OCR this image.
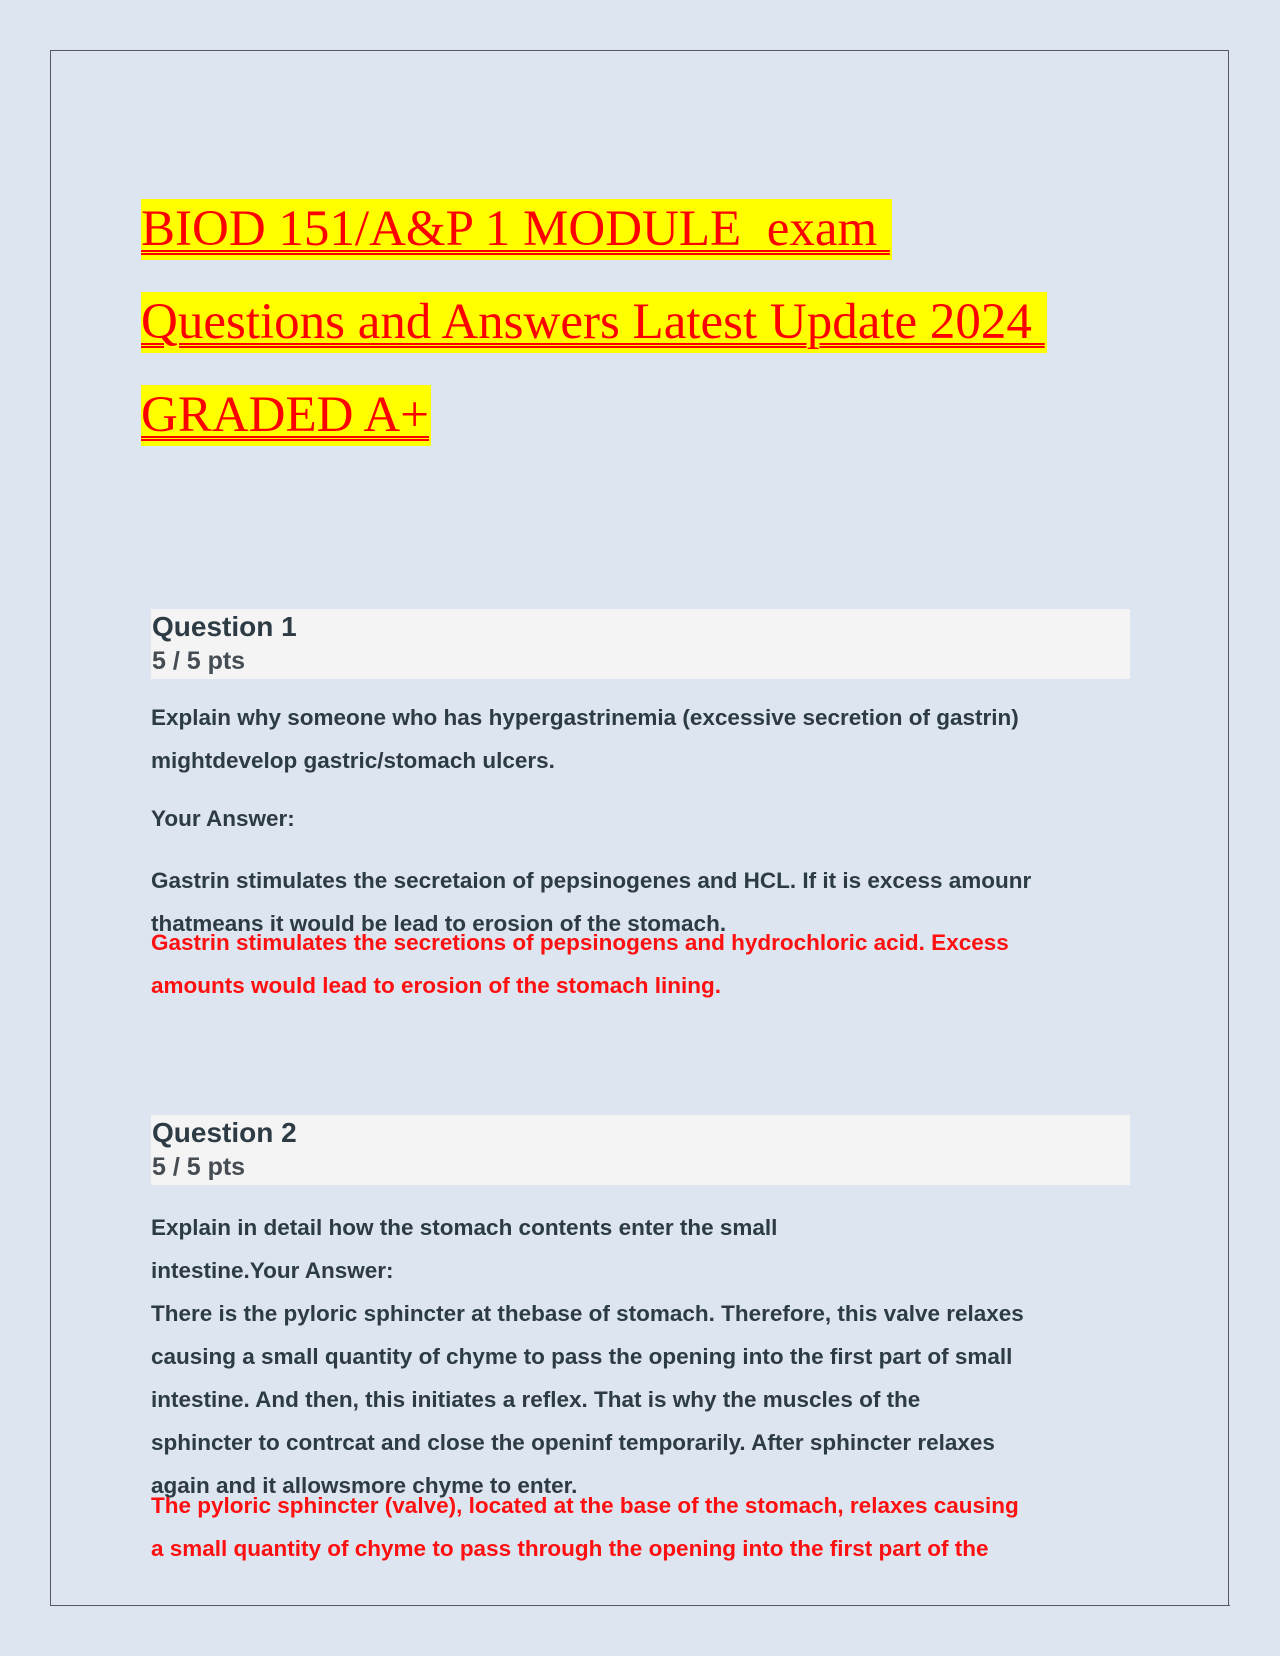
BIOD 151/A&P 1 MODULE  exam
Questions and Answers Latest Update 2024
GRADED A+
Question 1
5 / 5 pts

Explain why someone who has hypergastrinemia (excessive secretion of gastrin)

mightdevelop gastric/stomach ulcers.

Your Answer:

Gastrin stimulates the secretaion of pepsinogenes and HCL. If it is excess amounr

thatmeans it would be lead to erosion of the stomach.

Gastrin stimulates the secretions of pepsinogens and hydrochloric acid. Excess

amounts would lead to erosion of the stomach lining.

Question 2
5 / 5 pts

Explain in detail how the stomach contents enter the small

intestine.Your Answer:

There is the pyloric sphincter at thebase of stomach. Therefore, this valve relaxes

causing a small quantity of chyme to pass the opening into the first part of small

intestine. And then, this initiates a reflex. That is why the muscles of the

sphincter to contrcat and close the openinf temporarily. After sphincter relaxes

again and it allowsmore chyme to enter.

The pyloric sphincter (valve), located at the base of the stomach, relaxes causing

a small quantity of chyme to pass through the opening into the first part of the
